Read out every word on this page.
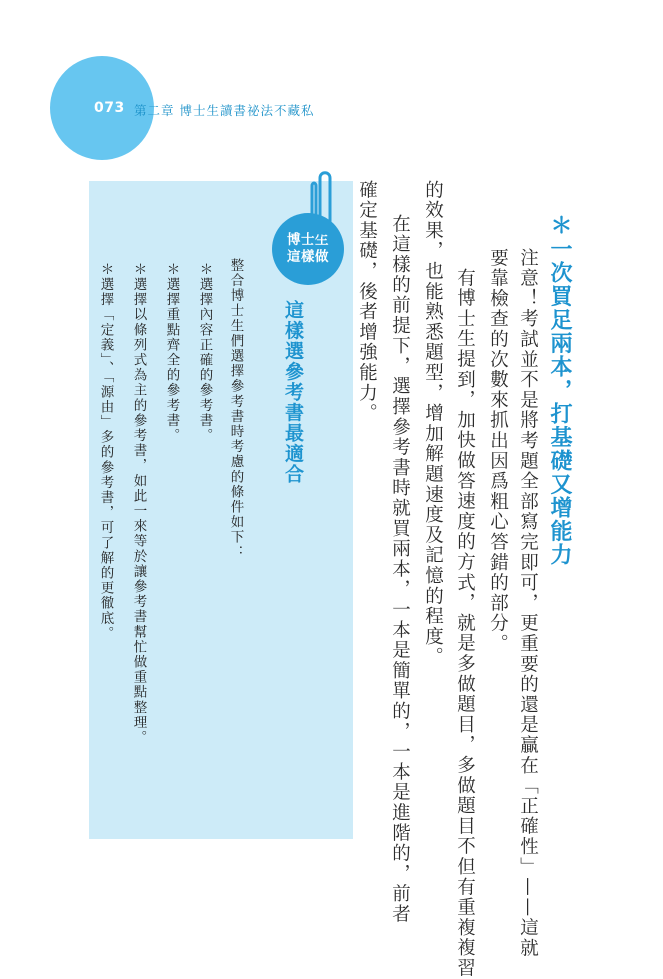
073 第二章 博士生讀書祕法不藏私
＊一次買足兩本，打基礎又增能力
注意！考試並不是將考題全部寫完即可，更重要的還是贏在「正確性」——這就
要靠檢查的次數來抓出因爲粗心答錯的部分。
有博士生提到，加快做答速度的方式，就是多做題目，多做題目不但有重複複習
的效果，也能熟悉題型，增加解題速度及記憶的程度。
在這樣的前提下，選擇參考書時就買兩本，一本是簡單的，一本是進階的，前者
確定基礎，後者增強能力。
博士生
這樣做
這樣選參考書最適合
整合博士生們選擇參考書時考慮的條件如下：
＊選擇內容正確的參考書。
＊選擇重點齊全的參考書。
＊選擇以條列式為主的參考書，如此一來等於讓參考書幫忙做重點整理。
＊選擇「定義」、「源由」多的參考書，可了解的更徹底。
